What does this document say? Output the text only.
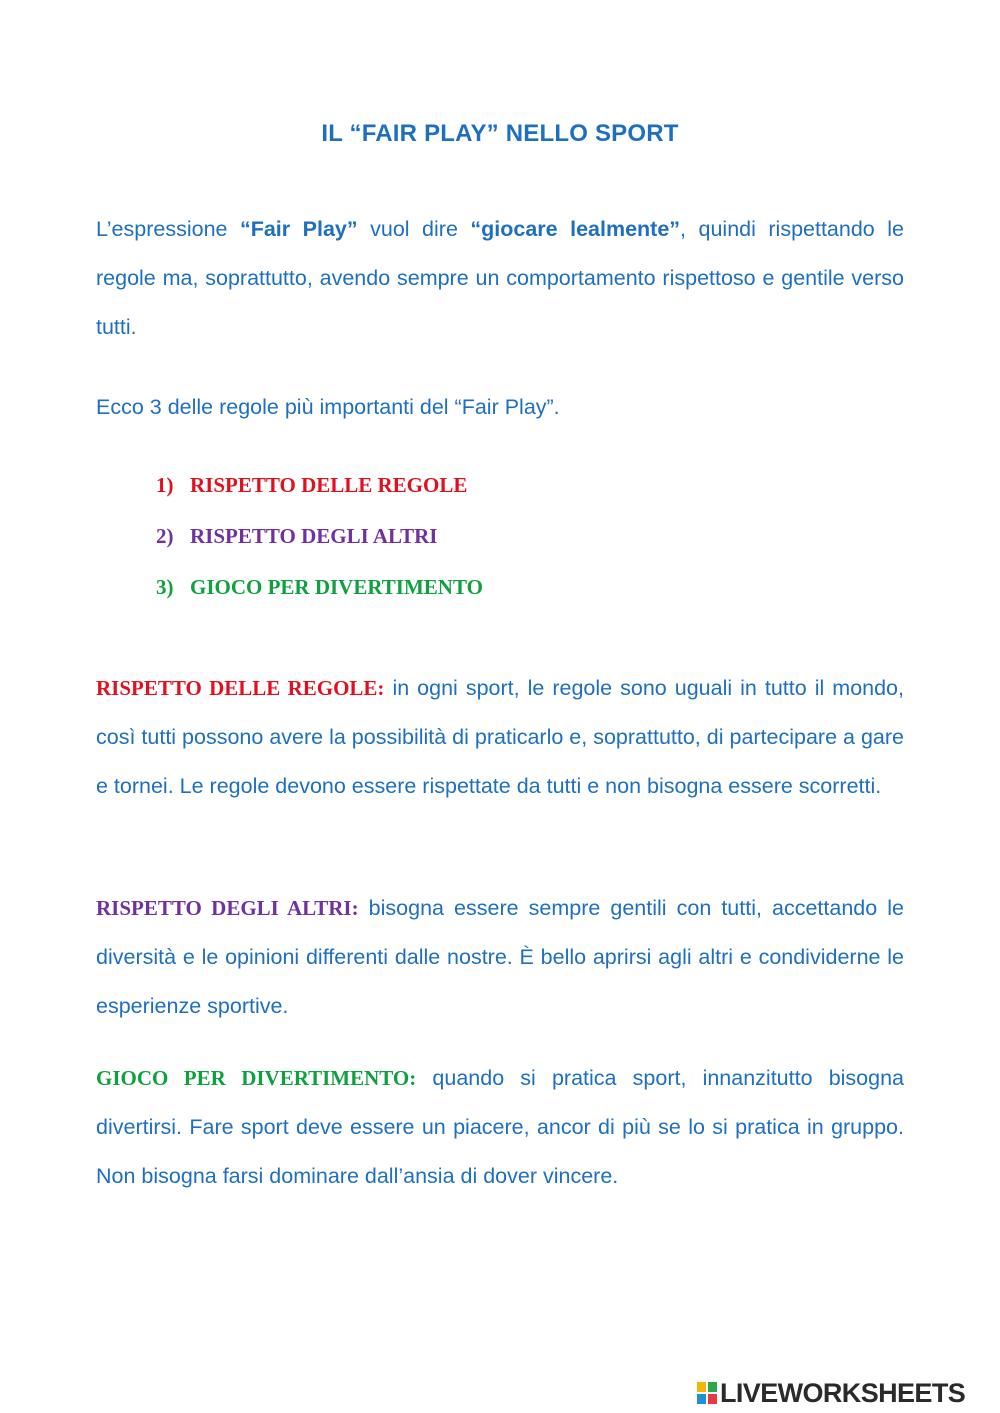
IL “FAIR PLAY” NELLO SPORT

L’espressione “Fair Play” vuol dire “giocare lealmente”, quindi rispettando le regole ma, soprattutto, avendo sempre un comportamento rispettoso e gentile verso tutti.

Ecco 3 delle regole più importanti del “Fair Play”.

1) RISPETTO DELLE REGOLE
2) RISPETTO DEGLI ALTRI
3) GIOCO PER DIVERTIMENTO

RISPETTO DELLE REGOLE: in ogni sport, le regole sono uguali in tutto il mondo, così tutti possono avere la possibilità di praticarlo e, soprattutto, di partecipare a gare e tornei. Le regole devono essere rispettate da tutti e non bisogna essere scorretti.

RISPETTO DEGLI ALTRI: bisogna essere sempre gentili con tutti, accettando le diversità e le opinioni differenti dalle nostre. È bello aprirsi agli altri e condividerne le esperienze sportive.

GIOCO PER DIVERTIMENTO: quando si pratica sport, innanzitutto bisogna divertirsi. Fare sport deve essere un piacere, ancor di più se lo si pratica in gruppo. Non bisogna farsi dominare dall’ansia di dover vincere.

LIVEWORKSHEETS
